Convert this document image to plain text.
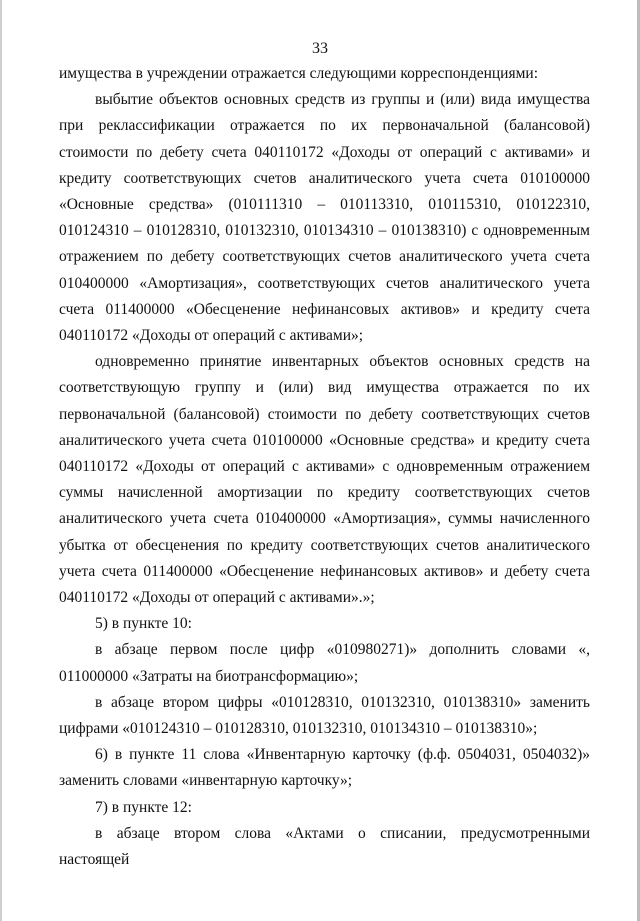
33

имущества в учреждении отражается следующими корреспонденциями:

выбытие объектов основных средств из группы и (или) вида имущества при реклассификации отражается по их первоначальной (балансовой) стоимости по дебету счета 040110172 «Доходы от операций с активами» и кредиту соответствующих счетов аналитического учета счета 010100000 «Основные средства» (010111310 – 010113310, 010115310, 010122310, 010124310 – 010128310, 010132310, 010134310 – 010138310) с одновременным отражением по дебету соответствующих счетов аналитического учета счета 010400000 «Амортизация», соответствующих счетов аналитического учета счета 011400000 «Обесценение нефинансовых активов» и кредиту счета 040110172 «Доходы от операций с активами»;

одновременно принятие инвентарных объектов основных средств на соответствующую группу и (или) вид имущества отражается по их первоначальной (балансовой) стоимости по дебету соответствующих счетов аналитического учета счета 010100000 «Основные средства» и кредиту счета 040110172 «Доходы от операций с активами» с одновременным отражением суммы начисленной амортизации по кредиту соответствующих счетов аналитического учета счета 010400000 «Амортизация», суммы начисленного убытка от обесценения по кредиту соответствующих счетов аналитического учета счета 011400000 «Обесценение нефинансовых активов» и дебету счета 040110172 «Доходы от операций с активами».»;

5) в пункте 10:

в абзаце первом после цифр «010980271)» дополнить словами «, 011000000 «Затраты на биотрансформацию»;

в абзаце втором цифры «010128310, 010132310, 010138310» заменить цифрами «010124310 – 010128310, 010132310, 010134310 – 010138310»;

6) в пункте 11 слова «Инвентарную карточку (ф.ф. 0504031, 0504032)» заменить словами «инвентарную карточку»;

7) в пункте 12:

в абзаце втором слова «Актами о списании, предусмотренными настоящей
